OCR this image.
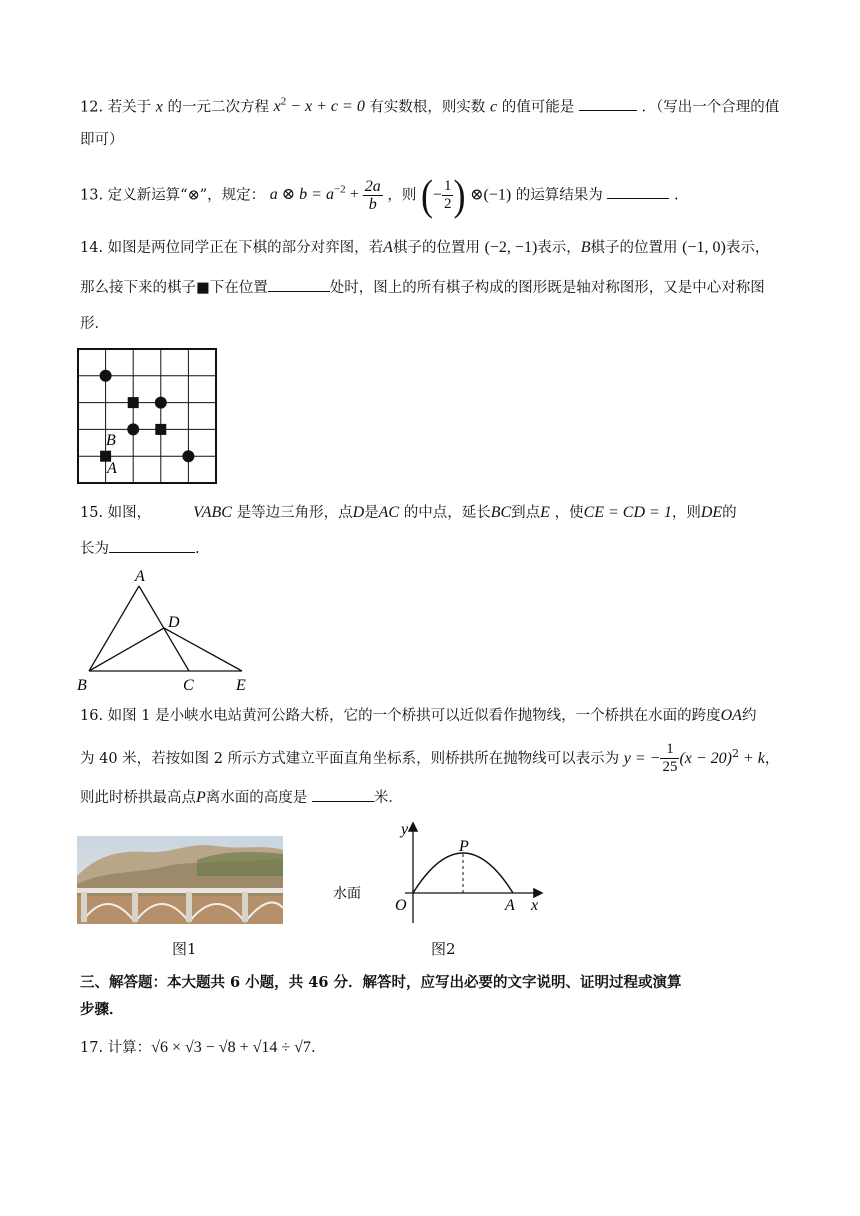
12. 若关于 x 的一元二次方程 $x^2 - x + c = 0$ 有实数根，则实数 c 的值可能是	．（写出一个合理的值
即可）
13. 定义新运算“⊗”，规定： a ⊗ $b = a^{-2} + \frac{2a}{b}$ ，则 (− $\frac{1}{2}$ ) ⊗(−1) 的运算结果为	.
14. 如图是两位同学正在下棋的部分对弈图，若A棋子的位置用 (−2, −1)表示，B棋子的位置用 (−1, 0)表示，
那么接下来的棋子■下在位置	处时，图上的所有棋子构成的图形既是轴对称图形，又是中心对称图
形．
B
A
15. 如图，	VABC 是等边三角形，点D是AC 的中点，延长BC到点E ，使CE = CD = 1，则DE的
长为	.
A
D
B	C	E
16. 如图 1 是小峡水电站黄河公路大桥，它的一个桥拱可以近似看作抛物线，一个桥拱在水面的跨度OA约
为 40 米，若按如图 2 所示方式建立平面直角坐标系，则桥拱所在抛物线可以表示为 y = − $\frac{1}{25} (x - 20)^2 + k$，
则此时桥拱最高点P离水面的高度是	米．
图1
y
x
P
O	A
水面
图2
三、解答题：本大题共 6 小题，共 46 分．解答时，应写出必要的文字说明、证明过程或演算
步骤．
17. 计算：√6 × √3 − √8 + √14 ÷ √7.
